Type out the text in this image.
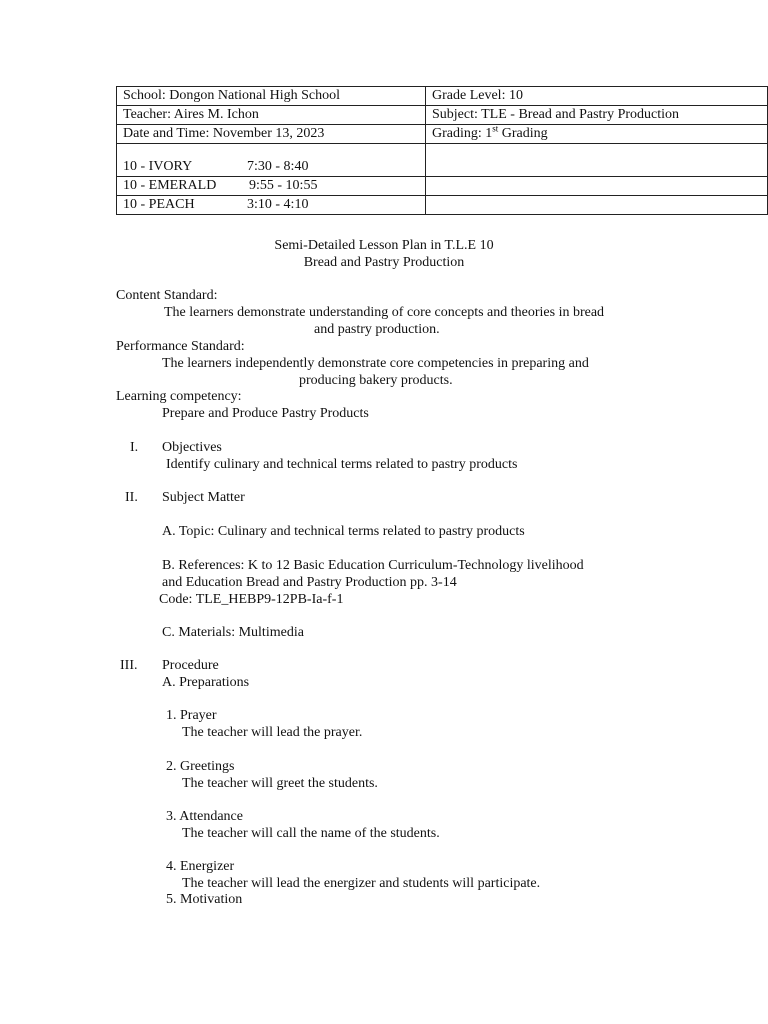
School: Dongon National High School	Grade Level: 10
Teacher: Aires M. Ichon	Subject: TLE - Bread and Pastry Production
Date and Time: November 13, 2023	Grading: 1st Grading
10 - IVORY 7:30 - 8:40	
10 - EMERALD 9:55 - 10:55	
10 - PEACH 3:10 - 4:10	
Semi-Detailed Lesson Plan in T.L.E 10
Bread and Pastry Production
Content Standard:
The learners demonstrate understanding of core concepts and theories in bread
and pastry production.
Performance Standard:
The learners independently demonstrate core competencies in preparing and
producing bakery products.
Learning competency:
Prepare and Produce Pastry Products
I. Objectives
Identify culinary and technical terms related to pastry products
II. Subject Matter
A. Topic: Culinary and technical terms related to pastry products
B. References: K to 12 Basic Education Curriculum-Technology livelihood
and Education Bread and Pastry Production pp. 3-14
Code: TLE_HEBP9-12PB-Ia-f-1
C. Materials: Multimedia
III. Procedure
A. Preparations
1. Prayer
The teacher will lead the prayer.
2. Greetings
The teacher will greet the students.
3. Attendance
The teacher will call the name of the students.
4. Energizer
The teacher will lead the energizer and students will participate.
5. Motivation
